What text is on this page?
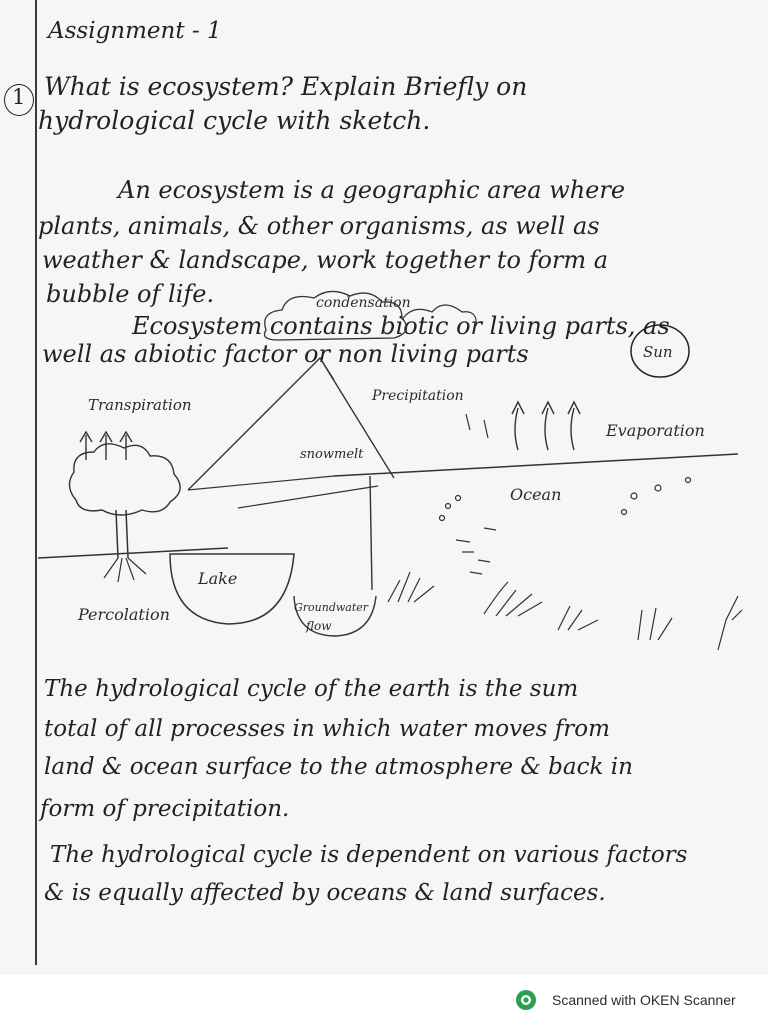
Assignment - 1
1 What is ecosystem? Explain Briefly on
hydrological cycle with sketch.
An ecosystem is a geographic area where
plants, animals, & other organisms, as well as
weather & landscape, work together to form a
bubble of life.
Ecosystem contains biotic or living parts, as
well as abiotic factor or non living parts
condensation
Sun
Transpiration
snowmelt
Precipitation
Evaporation
Ocean
Lake
Groundwater
flow
Percolation
The hydrological cycle of the earth is the sum
total of all processes in which water moves from
land & ocean surface to the atmosphere & back in
form of precipitation.
The hydrological cycle is dependent on various factors
& is equally affected by oceans & land surfaces.
Scanned with OKEN Scanner
